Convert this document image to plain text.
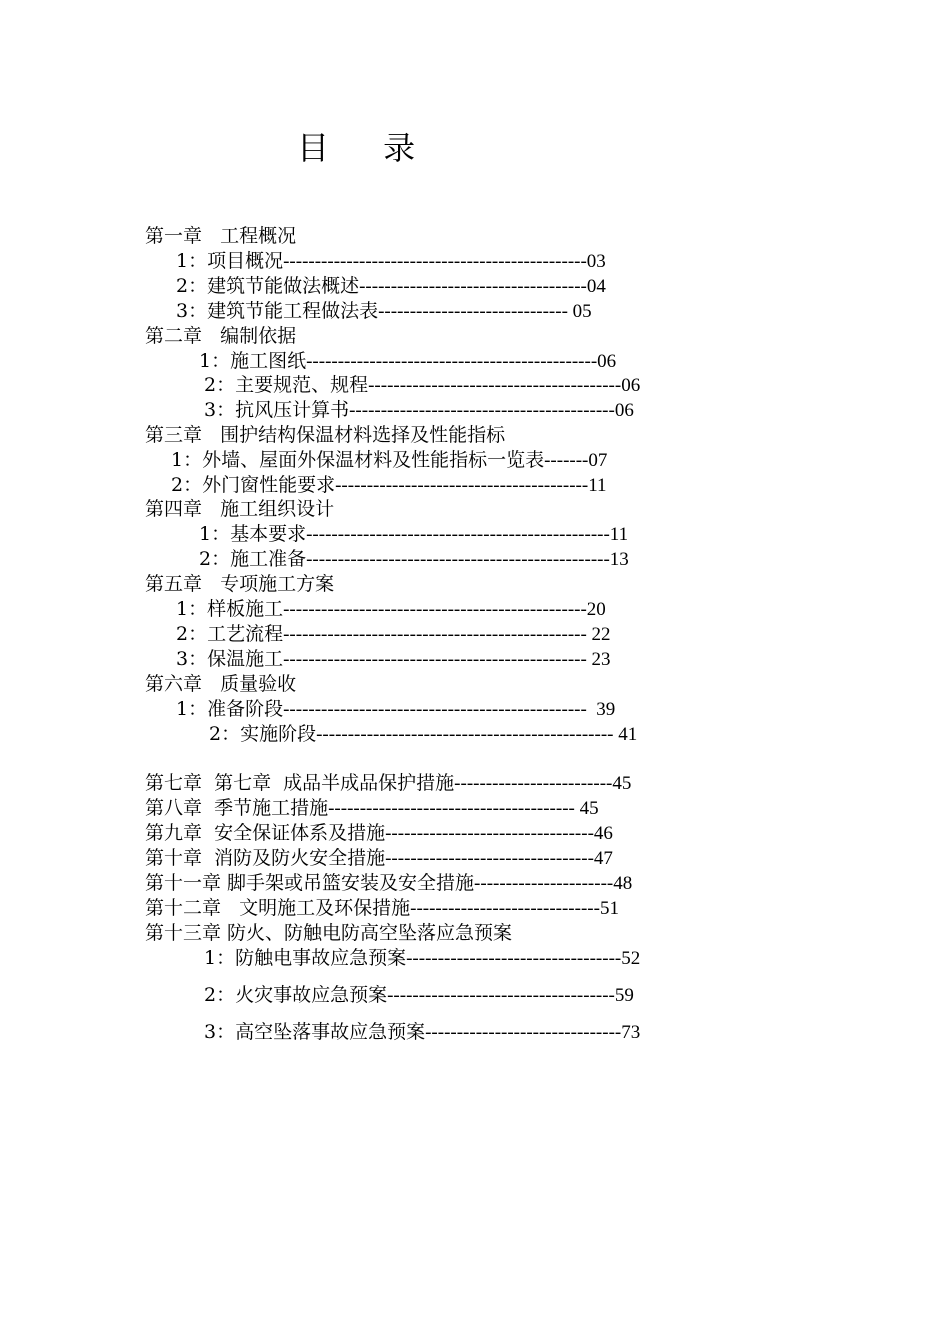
目 录
第一章   工程概况
1：项目概况------------------------------------------------03
2：建筑节能做法概述------------------------------------04
3：建筑节能工程做法表------------------------------ 05
第二章   编制依据
1：施工图纸----------------------------------------------06
2：主要规范、规程----------------------------------------06
3：抗风压计算书------------------------------------------06
第三章   围护结构保温材料选择及性能指标
1：外墙、屋面外保温材料及性能指标一览表-------07
2：外门窗性能要求----------------------------------------11
第四章   施工组织设计
1：基本要求------------------------------------------------11
2：施工准备------------------------------------------------13
第五章   专项施工方案
1：样板施工------------------------------------------------20
2：工艺流程------------------------------------------------ 22
3：保温施工------------------------------------------------ 23
第六章   质量验收
1：准备阶段------------------------------------------------  39
2：实施阶段----------------------------------------------- 41
第七章  第七章  成品半成品保护措施-------------------------45
第八章  季节施工措施--------------------------------------- 45
第九章  安全保证体系及措施---------------------------------46
第十章  消防及防火安全措施---------------------------------47
第十一章 脚手架或吊篮安装及安全措施----------------------48
第十二章   文明施工及环保措施------------------------------51
第十三章 防火、防触电防高空坠落应急预案
1：防触电事故应急预案----------------------------------52
2：火灾事故应急预案------------------------------------59
3：高空坠落事故应急预案-------------------------------73
